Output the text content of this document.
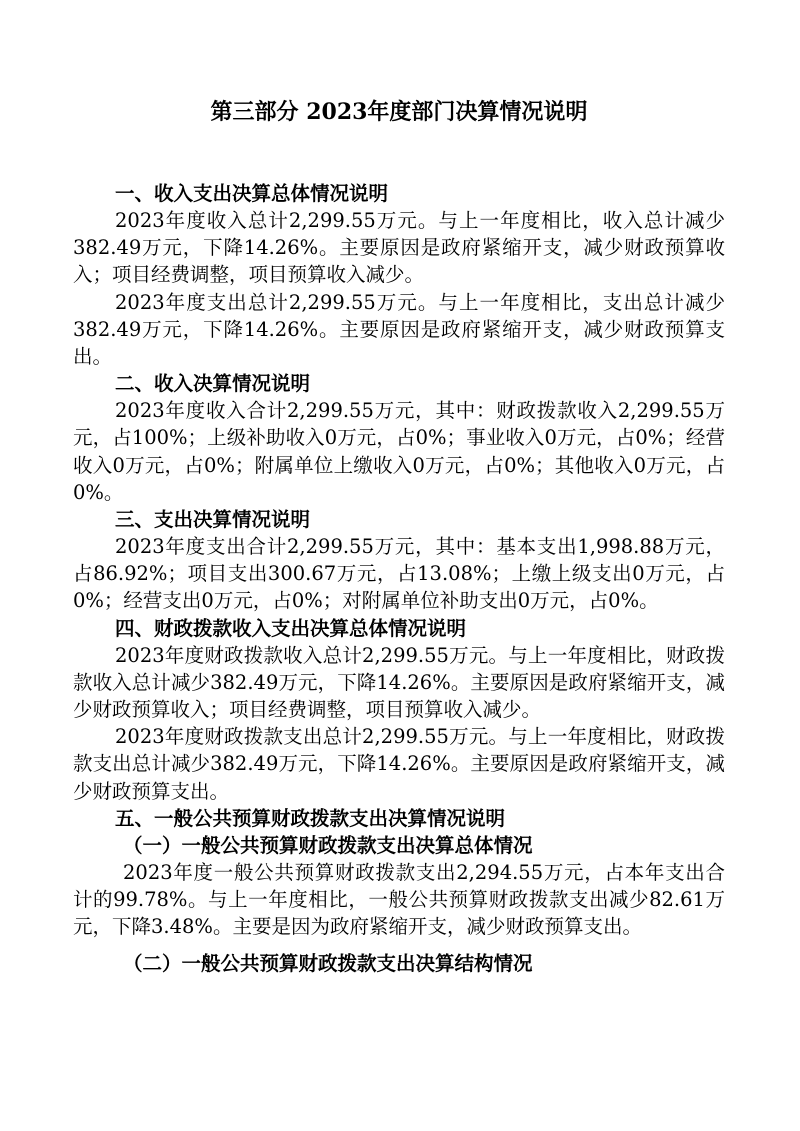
第三部分 2023年度部门决算情况说明
一、收入支出决算总体情况说明

2023年度收入总计2,299.55万元。与上一年度相比，收入总计减少382.49万元，下降14.26%。主要原因是政府紧缩开支，减少财政预算收入；项目经费调整，项目预算收入减少。

2023年度支出总计2,299.55万元。与上一年度相比，支出总计减少382.49万元，下降14.26%。主要原因是政府紧缩开支，减少财政预算支出。

二、收入决算情况说明

2023年度收入合计2,299.55万元，其中：财政拨款收入2,299.55万元，占100%；上级补助收入0万元，占0%；事业收入0万元，占0%；经营收入0万元，占0%；附属单位上缴收入0万元，占0%；其他收入0万元，占0%。

三、支出决算情况说明

2023年度支出合计2,299.55万元，其中：基本支出1,998.88万元，占86.92%；项目支出300.67万元，占13.08%；上缴上级支出0万元，占0%；经营支出0万元，占0%；对附属单位补助支出0万元，占0%。

四、财政拨款收入支出决算总体情况说明

2023年度财政拨款收入总计2,299.55万元。与上一年度相比，财政拨款收入总计减少382.49万元，下降14.26%。主要原因是政府紧缩开支，减少财政预算收入；项目经费调整，项目预算收入减少。

2023年度财政拨款支出总计2,299.55万元。与上一年度相比，财政拨款支出总计减少382.49万元，下降14.26%。主要原因是政府紧缩开支，减少财政预算支出。

五、一般公共预算财政拨款支出决算情况说明
（一）一般公共预算财政拨款支出决算总体情况

2023年度一般公共预算财政拨款支出2,294.55万元，占本年支出合计的99.78%。与上一年度相比，一般公共预算财政拨款支出减少82.61万元，下降3.48%。主要是因为政府紧缩开支，减少财政预算支出。

（二）一般公共预算财政拨款支出决算结构情况
